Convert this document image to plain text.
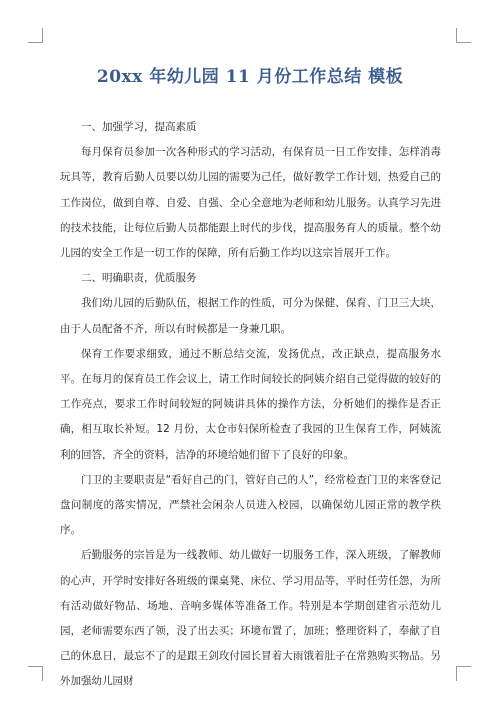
20xx 年幼儿园 11 月份工作总结 模板

一、加强学习，提高素质

每月保育员参加一次各种形式的学习活动，有保育员一日工作安排、怎样消毒玩具等，教育后勤人员要以幼儿园的需要为己任，做好教学工作计划，热爱自己的工作岗位，做到自尊、自爱、自强、全心全意地为老师和幼儿服务。认真学习先进的技术技能，让每位后勤人员都能跟上时代的步伐，提高服务育人的质量。整个幼儿园的安全工作是一切工作的保障，所有后勤工作均以这宗旨展开工作。

二、明确职责，优质服务

我们幼儿园的后勤队伍，根据工作的性质，可分为保健、保育、门卫三大块，由于人员配备不齐，所以有时候都是一身兼几职。

保育工作要求细致，通过不断总结交流，发扬优点，改正缺点，提高服务水平。在每月的保育员工作会议上，请工作时间较长的阿姨介绍自己觉得做的较好的工作亮点，要求工作时间较短的阿姨讲具体的操作方法，分析她们的操作是否正确，相互取长补短。12 月份，太仓市妇保所检查了我园的卫生保育工作，阿姨流利的回答，齐全的资料，洁净的环境给她们留下了良好的印象。

门卫的主要职责是“看好自己的门，管好自己的人”，经常检查门卫的来客登记盘问制度的落实情况，严禁社会闲杂人员进入校园，以确保幼儿园正常的教学秩序。

后勤服务的宗旨是为一线教师、幼儿做好一切服务工作，深入班级，了解教师的心声，开学时安排好各班级的课桌凳、床位、学习用品等，平时任劳任怨，为所有活动做好物品、场地、音响多媒体等准备工作。特别是本学期创建省示范幼儿园，老师需要东西了领，没了出去买；环境布置了，加班；整理资料了，奉献了自己的休息日，最忘不了的是跟王剑玫付园长冒着大雨饿着肚子在常熟购买物品。另外加强幼儿园财
